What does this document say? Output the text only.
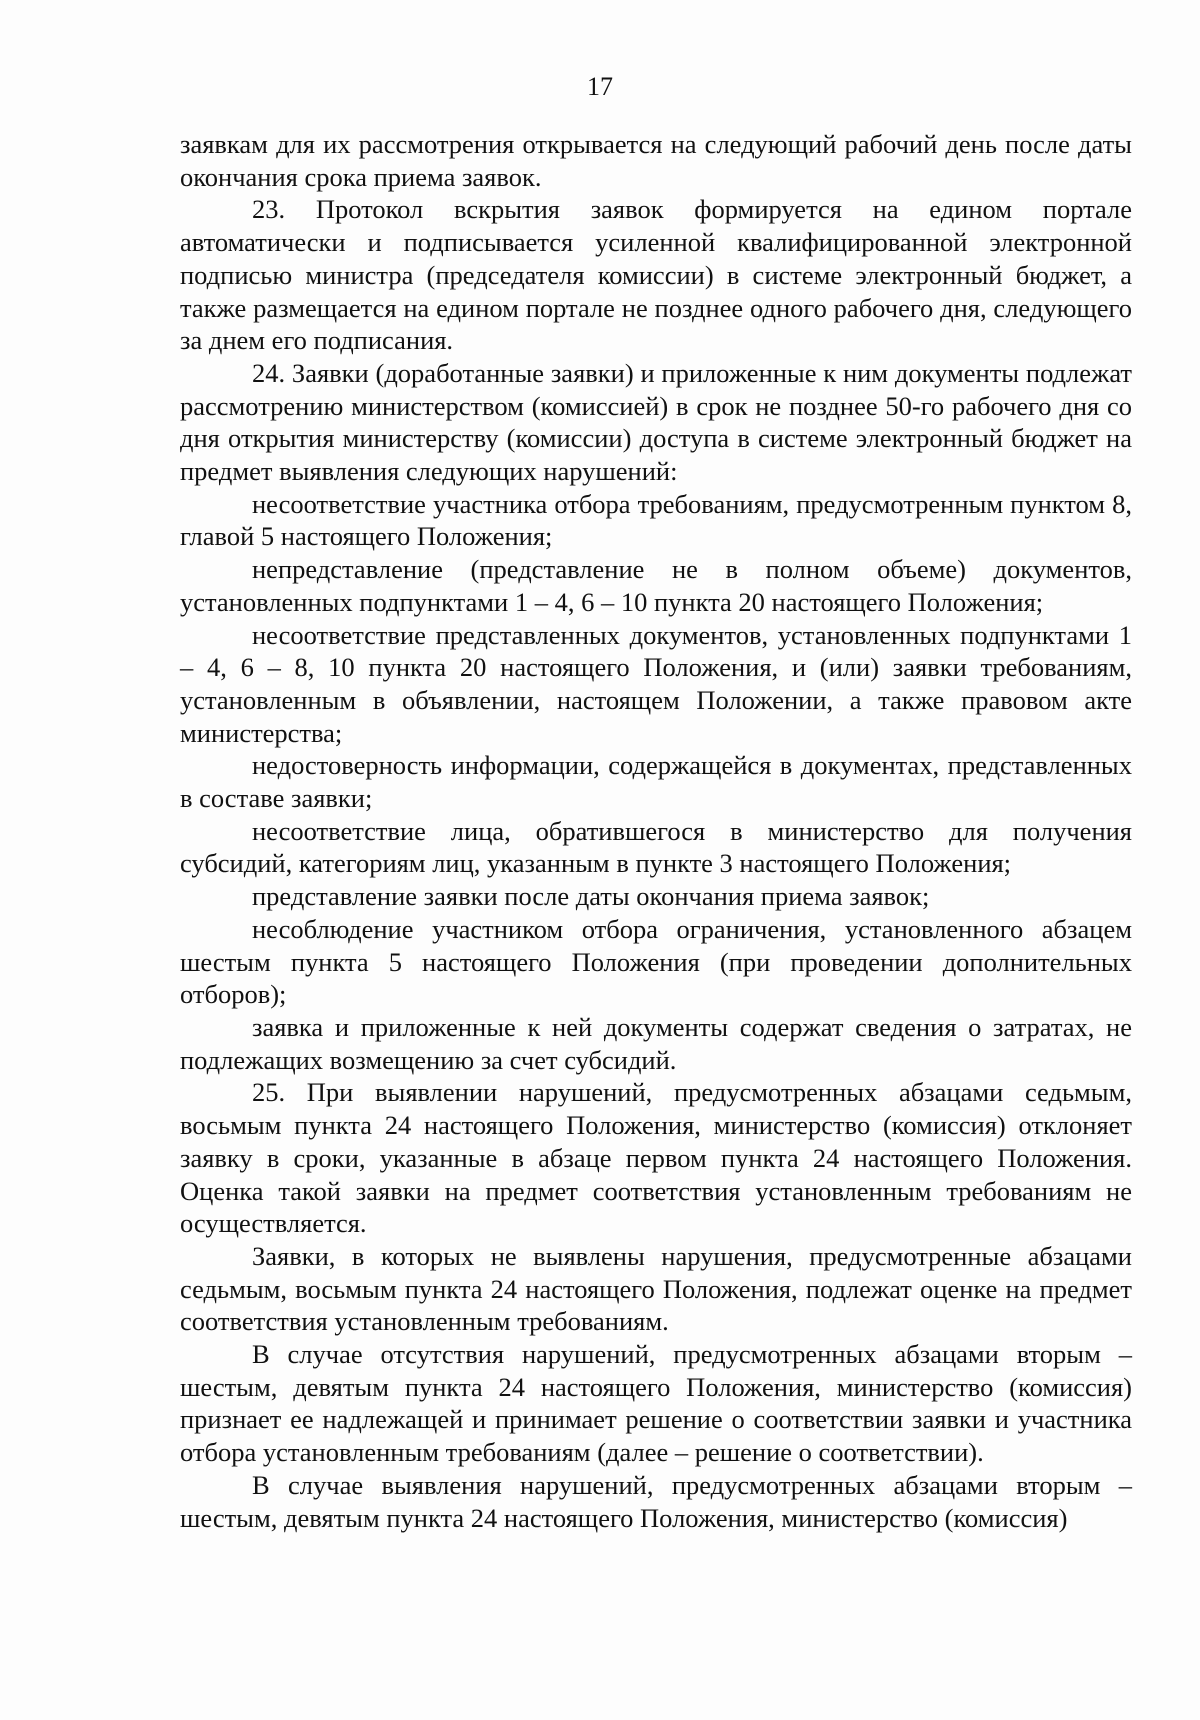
17

заявкам для их рассмотрения открывается на следующий рабочий день после даты окончания срока приема заявок.

23. Протокол вскрытия заявок формируется на едином портале автоматически и подписывается усиленной квалифицированной электронной подписью министра (председателя комиссии) в системе электронный бюджет, а также размещается на едином портале не позднее одного рабочего дня, следующего за днем его подписания.

24. Заявки (доработанные заявки) и приложенные к ним документы подлежат рассмотрению министерством (комиссией) в срок не позднее 50-го рабочего дня со дня открытия министерству (комиссии) доступа в системе электронный бюджет на предмет выявления следующих нарушений:

несоответствие участника отбора требованиям, предусмотренным пунктом 8, главой 5 настоящего Положения;

непредставление (представление не в полном объеме) документов, установленных подпунктами 1 – 4, 6 – 10 пункта 20 настоящего Положения;

несоответствие представленных документов, установленных подпунктами 1 – 4, 6 – 8, 10 пункта 20 настоящего Положения, и (или) заявки требованиям, установленным в объявлении, настоящем Положении, а также правовом акте министерства;

недостоверность информации, содержащейся в документах, представленных в составе заявки;

несоответствие лица, обратившегося в министерство для получения субсидий, категориям лиц, указанным в пункте 3 настоящего Положения;

представление заявки после даты окончания приема заявок;

несоблюдение участником отбора ограничения, установленного абзацем шестым пункта 5 настоящего Положения (при проведении дополнительных отборов);

заявка и приложенные к ней документы содержат сведения о затратах, не подлежащих возмещению за счет субсидий.

25. При выявлении нарушений, предусмотренных абзацами седьмым, восьмым пункта 24 настоящего Положения, министерство (комиссия) отклоняет заявку в сроки, указанные в абзаце первом пункта 24 настоящего Положения. Оценка такой заявки на предмет соответствия установленным требованиям не осуществляется.

Заявки, в которых не выявлены нарушения, предусмотренные абзацами седьмым, восьмым пункта 24 настоящего Положения, подлежат оценке на предмет соответствия установленным требованиям.

В случае отсутствия нарушений, предусмотренных абзацами вторым – шестым, девятым пункта 24 настоящего Положения, министерство (комиссия) признает ее надлежащей и принимает решение о соответствии заявки и участника отбора установленным требованиям (далее – решение о соответствии).

В случае выявления нарушений, предусмотренных абзацами вторым – шестым, девятым пункта 24 настоящего Положения, министерство (комиссия)
